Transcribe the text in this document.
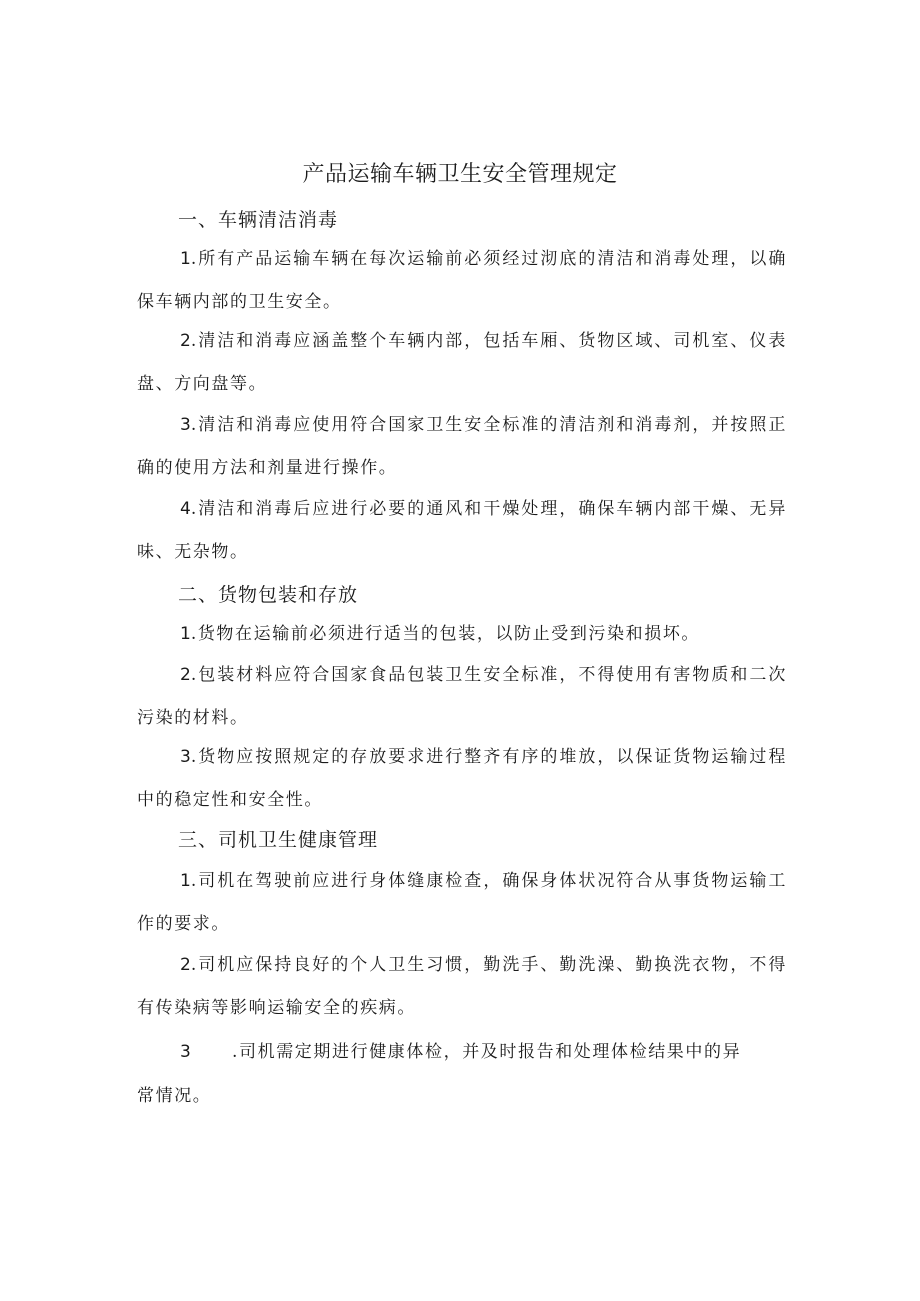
产品运输车辆卫生安全管理规定
一、车辆清洁消毒
1.所有产品运输车辆在每次运输前必须经过沏底的清洁和消毒处理，以确保车辆内部的卫生安全。
2.清洁和消毒应涵盖整个车辆内部，包括车厢、货物区域、司机室、仪表盘、方向盘等。
3.清洁和消毒应使用符合国家卫生安全标准的清洁剂和消毒剂，并按照正确的使用方法和剂量进行操作。
4.清洁和消毒后应进行必要的通风和干燥处理，确保车辆内部干燥、无异味、无杂物。
二、货物包装和存放
1.货物在运输前必须进行适当的包装，以防止受到污染和损坏。
2.包装材料应符合国家食品包装卫生安全标准，不得使用有害物质和二次污染的材料。
3.货物应按照规定的存放要求进行整齐有序的堆放，以保证货物运输过程中的稳定性和安全性。
三、司机卫生健康管理
1.司机在驾驶前应进行身体缝康检查，确保身体状况符合从事货物运输工作的要求。
2.司机应保持良好的个人卫生习惯，勤洗手、勤洗澡、勤换洗衣物，不得有传染病等影响运输安全的疾病。
3 .司机需定期进行健康体检，并及时报告和处理体检结果中的异
常情况。
